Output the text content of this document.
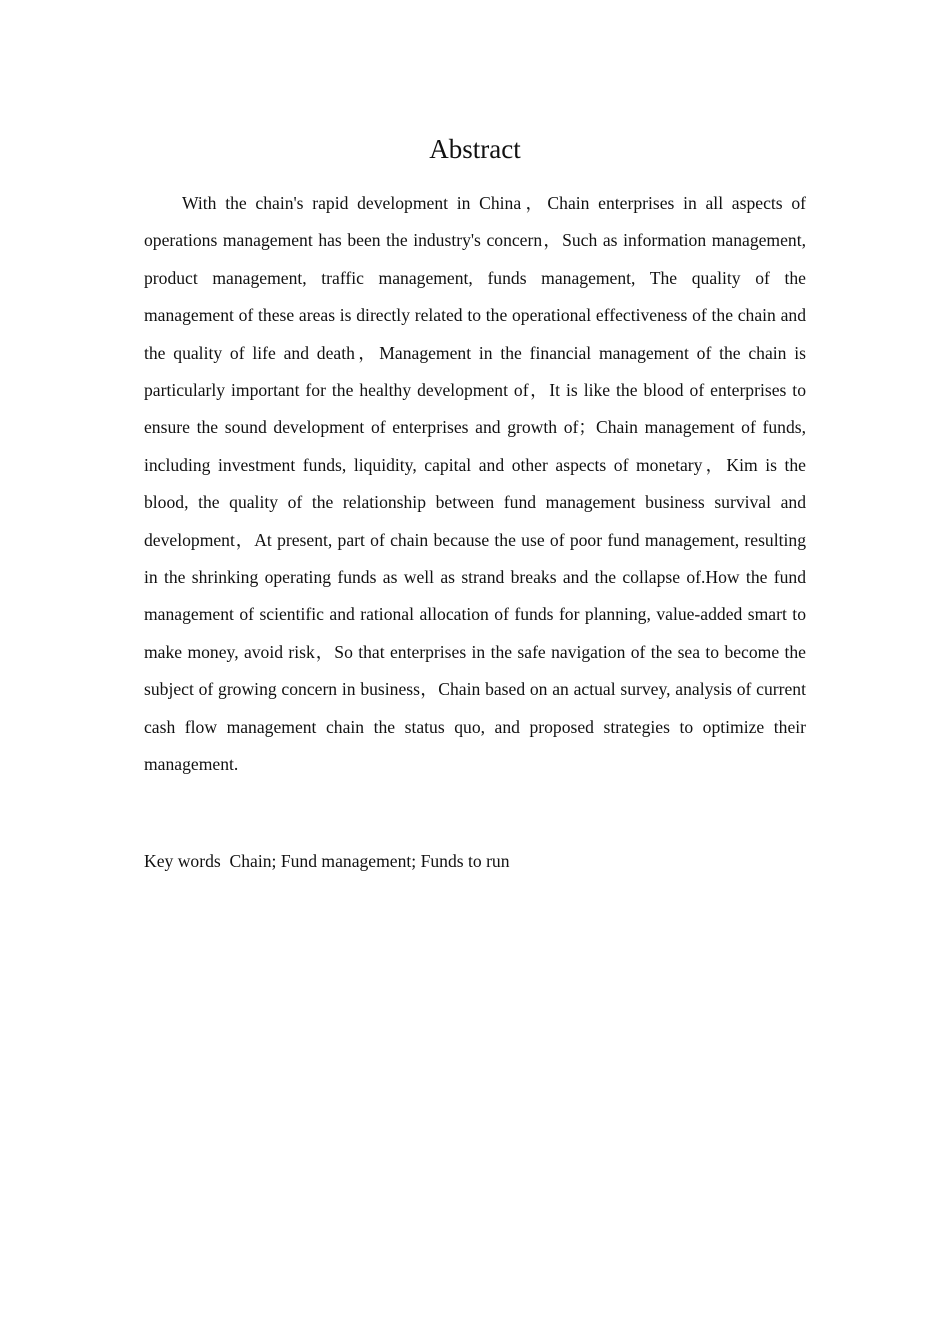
Abstract

With the chain's rapid development in China，Chain enterprises in all aspects of operations management has been the industry's concern，Such as information management, product management, traffic management, funds management, The quality of the management of these areas is directly related to the operational effectiveness of the chain and the quality of life and death，Management in the financial management of the chain is particularly important for the healthy development of，It is like the blood of enterprises to ensure the sound development of enterprises and growth of；Chain management of funds, including investment funds, liquidity, capital and other aspects of monetary，Kim is the blood, the quality of the relationship between fund management business survival and development，At present, part of chain because the use of poor fund management, resulting in the shrinking operating funds as well as strand breaks and the collapse of.How the fund management of scientific and rational allocation of funds for planning, value-added smart to make money, avoid risk，So that enterprises in the safe navigation of the sea to become the subject of growing concern in business，Chain based on an actual survey, analysis of current cash flow management chain the status quo, and proposed strategies to optimize their management.

Key words  Chain; Fund management; Funds to run
